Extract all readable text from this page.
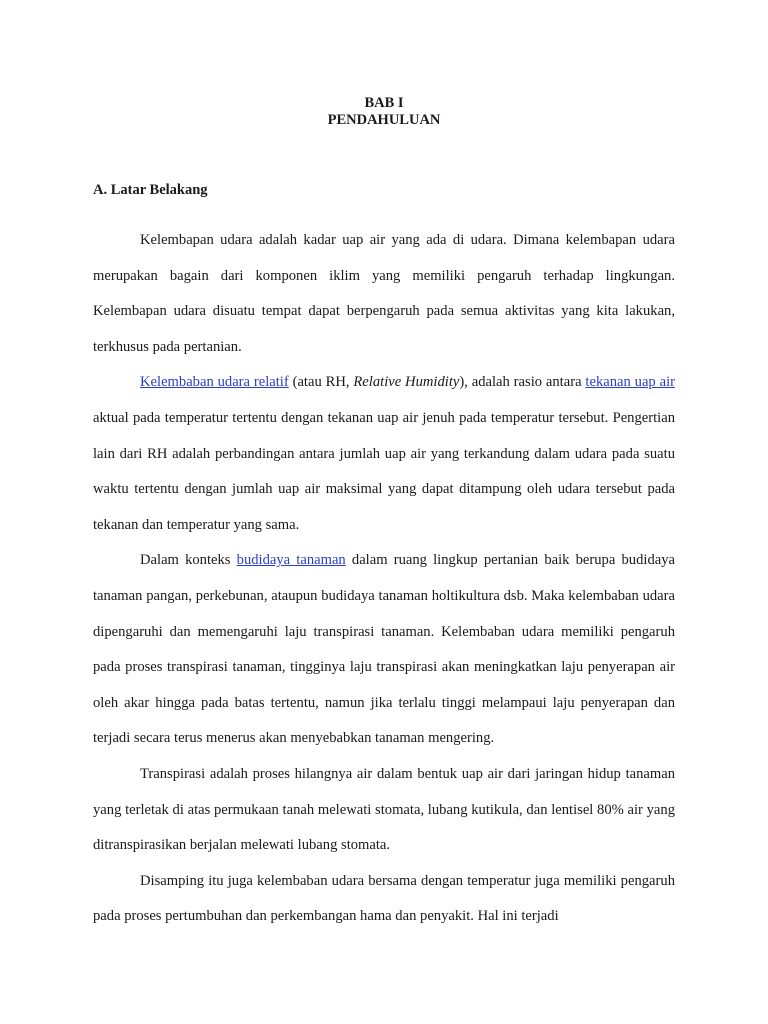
BAB I
PENDAHULUAN
A. Latar Belakang

Kelembapan udara adalah kadar uap air yang ada di udara. Dimana kelembapan udara merupakan bagain dari komponen iklim yang memiliki pengaruh terhadap lingkungan. Kelembapan udara disuatu tempat dapat berpengaruh pada semua aktivitas yang kita lakukan, terkhusus pada pertanian.

Kelembaban udara relatif (atau RH, Relative Humidity), adalah rasio antara tekanan uap air aktual pada temperatur tertentu dengan tekanan uap air jenuh pada temperatur tersebut. Pengertian lain dari RH adalah perbandingan antara jumlah uap air yang terkandung dalam udara pada suatu waktu tertentu dengan jumlah uap air maksimal yang dapat ditampung oleh udara tersebut pada tekanan dan temperatur yang sama.

Dalam konteks budidaya tanaman dalam ruang lingkup pertanian baik berupa budidaya tanaman pangan, perkebunan, ataupun budidaya tanaman holtikultura dsb. Maka kelembaban udara dipengaruhi dan memengaruhi laju transpirasi tanaman. Kelembaban udara memiliki pengaruh pada proses transpirasi tanaman, tingginya laju transpirasi akan meningkatkan laju penyerapan air oleh akar hingga pada batas tertentu, namun jika terlalu tinggi melampaui laju penyerapan dan terjadi secara terus menerus akan menyebabkan tanaman mengering.

Transpirasi adalah proses hilangnya air dalam bentuk uap air dari jaringan hidup tanaman yang terletak di atas permukaan tanah melewati stomata, lubang kutikula, dan lentisel 80% air yang ditranspirasikan berjalan melewati lubang stomata.

Disamping itu juga kelembaban udara bersama dengan temperatur juga memiliki pengaruh pada proses pertumbuhan dan perkembangan hama dan penyakit. Hal ini terjadi
